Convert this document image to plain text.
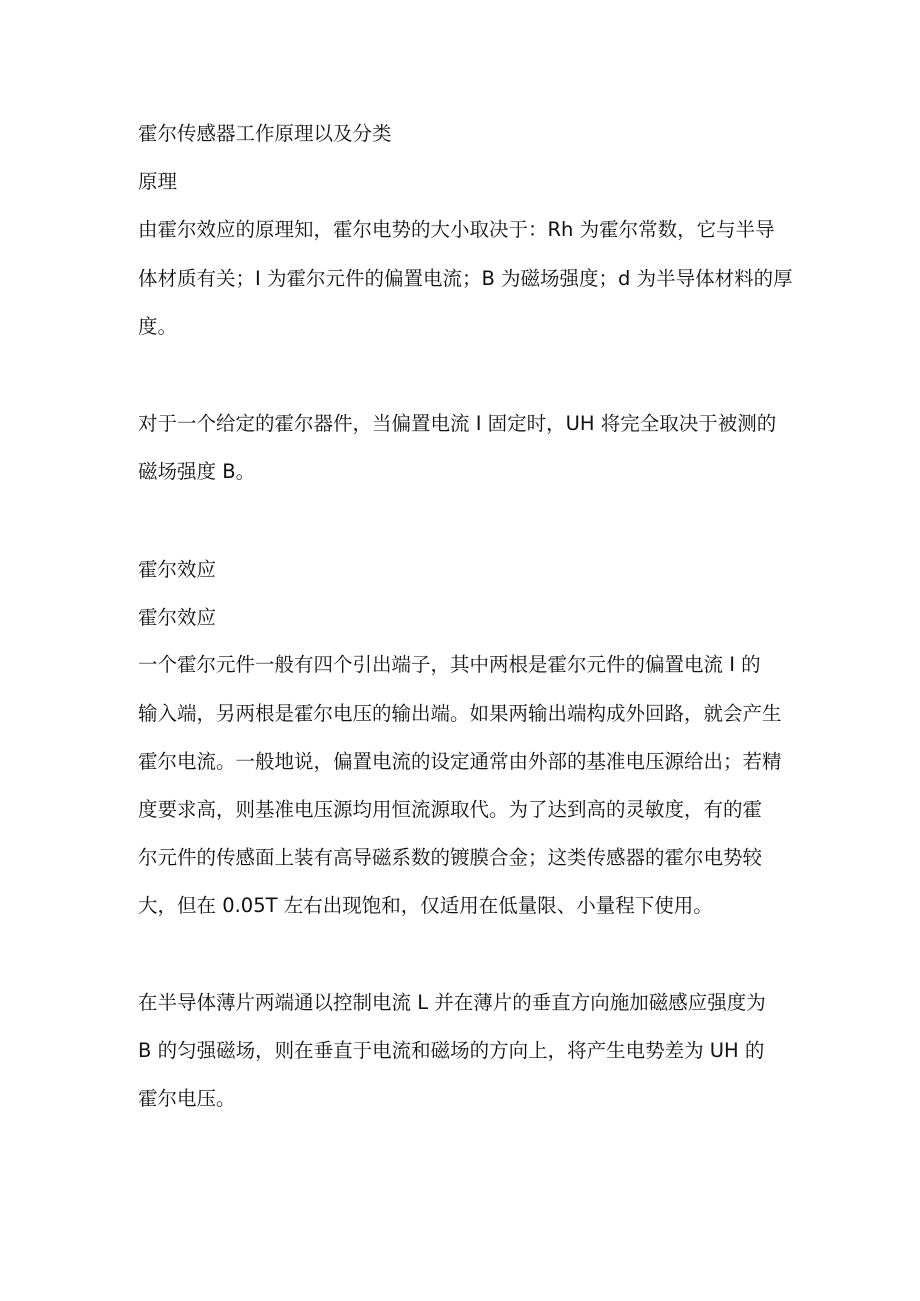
霍尔传感器工作原理以及分类

原理

由霍尔效应的原理知，霍尔电势的大小取决于：Rh 为霍尔常数，它与半导

体材质有关；I 为霍尔元件的偏置电流；B 为磁场强度；d 为半导体材料的厚

度。

对于一个给定的霍尔器件，当偏置电流 I 固定时，UH 将完全取决于被测的

磁场强度 B。

霍尔效应

霍尔效应

一个霍尔元件一般有四个引出端子，其中两根是霍尔元件的偏置电流 I 的

输入端，另两根是霍尔电压的输出端。如果两输出端构成外回路，就会产生

霍尔电流。一般地说，偏置电流的设定通常由外部的基准电压源给出；若精

度要求高，则基准电压源均用恒流源取代。为了达到高的灵敏度，有的霍

尔元件的传感面上装有高导磁系数的镀膜合金；这类传感器的霍尔电势较

大，但在 0.05T 左右出现饱和，仅适用在低量限、小量程下使用。

在半导体薄片两端通以控制电流 L 并在薄片的垂直方向施加磁感应强度为

B 的匀强磁场，则在垂直于电流和磁场的方向上，将产生电势差为 UH 的

霍尔电压。
